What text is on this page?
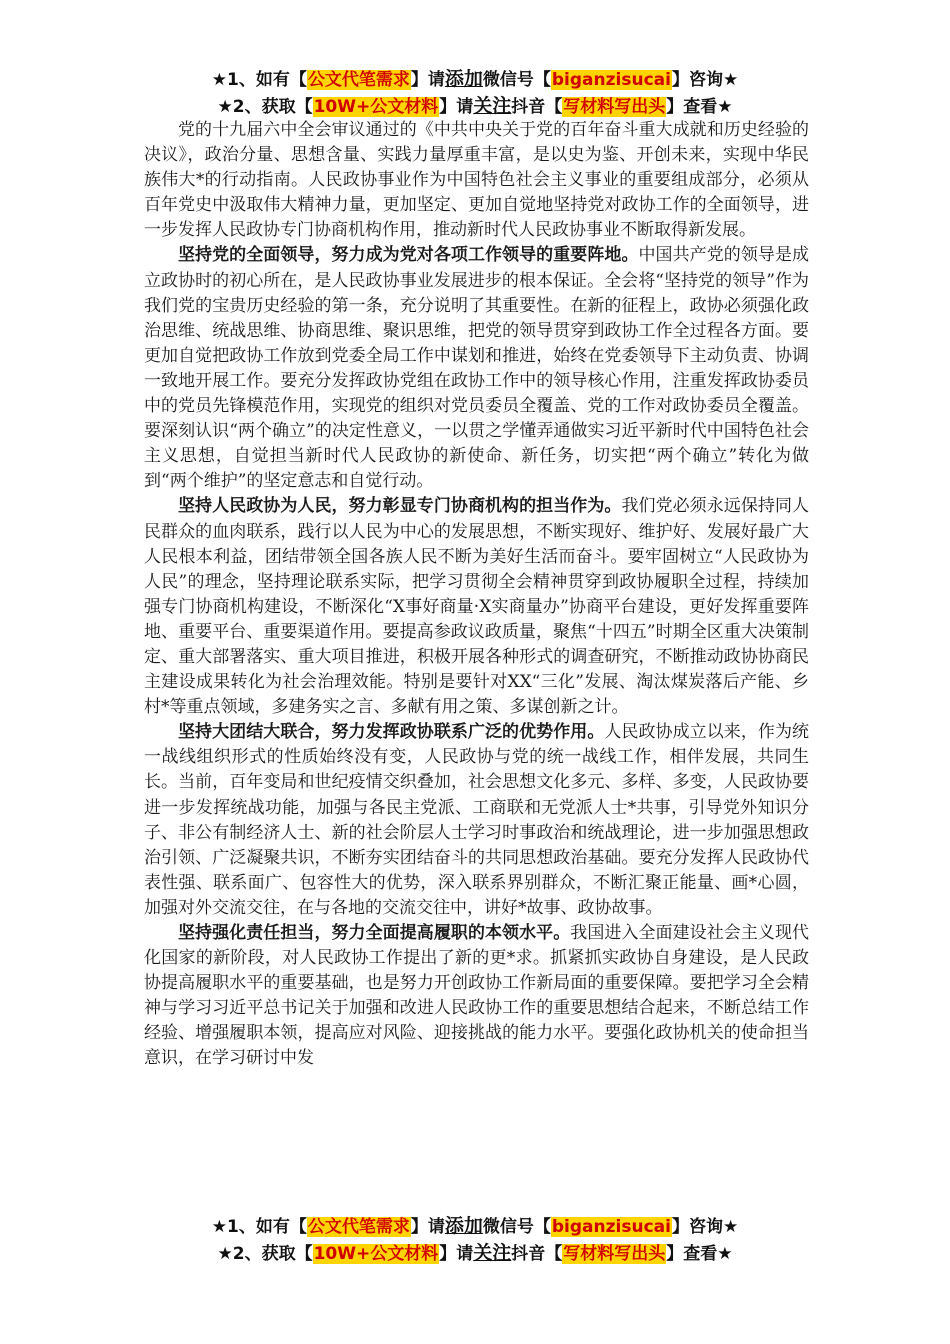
★1、如有【公文代笔需求】请添加微信号【biganzisucai】咨询★
★2、获取【10W+公文材料】请关注抖音【写材料写出头】查看★

党的十九届六中全会审议通过的《中共中央关于党的百年奋斗重大成就和历史经验的决议》，政治分量、思想含量、实践力量厚重丰富，是以史为鉴、开创未来，实现中华民族伟大*的行动指南。人民政协事业作为中国特色社会主义事业的重要组成部分，必须从百年党史中汲取伟大精神力量，更加坚定、更加自觉地坚持党对政协工作的全面领导，进一步发挥人民政协专门协商机构作用，推动新时代人民政协事业不断取得新发展。

坚持党的全面领导，努力成为党对各项工作领导的重要阵地。中国共产党的领导是成立政协时的初心所在，是人民政协事业发展进步的根本保证。全会将“坚持党的领导”作为我们党的宝贵历史经验的第一条，充分说明了其重要性。在新的征程上，政协必须强化政治思维、统战思维、协商思维、聚识思维，把党的领导贯穿到政协工作全过程各方面。要更加自觉把政协工作放到党委全局工作中谋划和推进，始终在党委领导下主动负责、协调一致地开展工作。要充分发挥政协党组在政协工作中的领导核心作用，注重发挥政协委员中的党员先锋模范作用，实现党的组织对党员委员全覆盖、党的工作对政协委员全覆盖。要深刻认识“两个确立”的决定性意义，一以贯之学懂弄通做实习近平新时代中国特色社会主义思想，自觉担当新时代人民政协的新使命、新任务，切实把“两个确立”转化为做到“两个维护”的坚定意志和自觉行动。

坚持人民政协为人民，努力彰显专门协商机构的担当作为。我们党必须永远保持同人民群众的血肉联系，践行以人民为中心的发展思想，不断实现好、维护好、发展好最广大人民根本利益，团结带领全国各族人民不断为美好生活而奋斗。要牢固树立“人民政协为人民”的理念，坚持理论联系实际，把学习贯彻全会精神贯穿到政协履职全过程，持续加强专门协商机构建设，不断深化“X事好商量·X实商量办”协商平台建设，更好发挥重要阵地、重要平台、重要渠道作用。要提高参政议政质量，聚焦“十四五”时期全区重大决策制定、重大部署落实、重大项目推进，积极开展各种形式的调查研究，不断推动政协协商民主建设成果转化为社会治理效能。特别是要针对XX“三化”发展、淘汰煤炭落后产能、乡村*等重点领域，多建务实之言、多献有用之策、多谋创新之计。

坚持大团结大联合，努力发挥政协联系广泛的优势作用。人民政协成立以来，作为统一战线组织形式的性质始终没有变，人民政协与党的统一战线工作，相伴发展，共同生长。当前，百年变局和世纪疫情交织叠加，社会思想文化多元、多样、多变，人民政协要进一步发挥统战功能，加强与各民主党派、工商联和无党派人士*共事，引导党外知识分子、非公有制经济人士、新的社会阶层人士学习时事政治和统战理论，进一步加强思想政治引领、广泛凝聚共识，不断夯实团结奋斗的共同思想政治基础。要充分发挥人民政协代表性强、联系面广、包容性大的优势，深入联系界别群众，不断汇聚正能量、画*心圆，加强对外交流交往，在与各地的交流交往中，讲好*故事、政协故事。

坚持强化责任担当，努力全面提高履职的本领水平。我国进入全面建设社会主义现代化国家的新阶段，对人民政协工作提出了新的更*求。抓紧抓实政协自身建设，是人民政协提高履职水平的重要基础，也是努力开创政协工作新局面的重要保障。要把学习全会精神与学习习近平总书记关于加强和改进人民政协工作的重要思想结合起来，不断总结工作经验、增强履职本领，提高应对风险、迎接挑战的能力水平。要强化政协机关的使命担当意识，在学习研讨中发

★1、如有【公文代笔需求】请添加微信号【biganzisucai】咨询★
★2、获取【10W+公文材料】请关注抖音【写材料写出头】查看★
